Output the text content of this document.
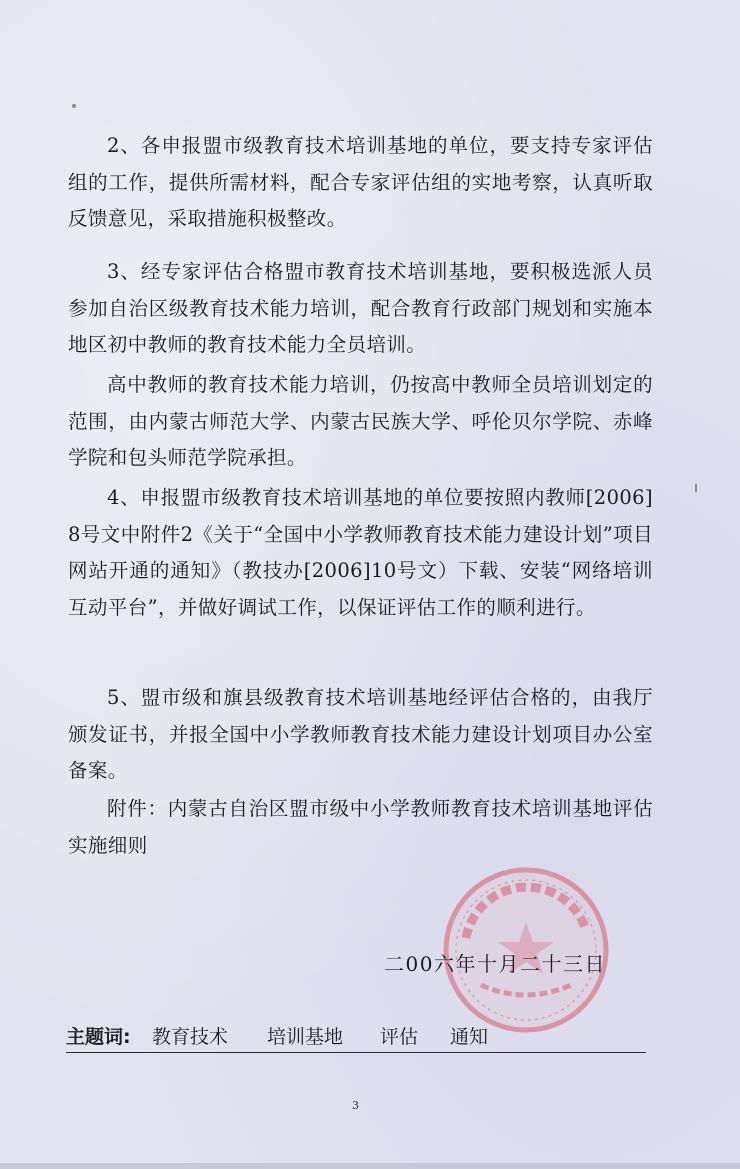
2、各申报盟市级教育技术培训基地的单位，要支持专家评估组的工作，提供所需材料，配合专家评估组的实地考察，认真听取反馈意见，采取措施积极整改。

3、经专家评估合格盟市教育技术培训基地，要积极选派人员参加自治区级教育技术能力培训，配合教育行政部门规划和实施本地区初中教师的教育技术能力全员培训。

高中教师的教育技术能力培训，仍按高中教师全员培训划定的范围，由内蒙古师范大学、内蒙古民族大学、呼伦贝尔学院、赤峰学院和包头师范学院承担。

4、申报盟市级教育技术培训基地的单位要按照内教师[2006]8号文中附件2《关于“全国中小学教师教育技术能力建设计划”项目网站开通的通知》（教技办[2006]10号文）下载、安装“网络培训互动平台”，并做好调试工作，以保证评估工作的顺利进行。

5、盟市级和旗县级教育技术培训基地经评估合格的，由我厅颁发证书，并报全国中小学教师教育技术能力建设计划项目办公室备案。

附件：内蒙古自治区盟市级中小学教师教育技术培训基地评估实施细则

二00六年十月二十三日
主题词: 教育技术 培训基地 评估 通知
3
